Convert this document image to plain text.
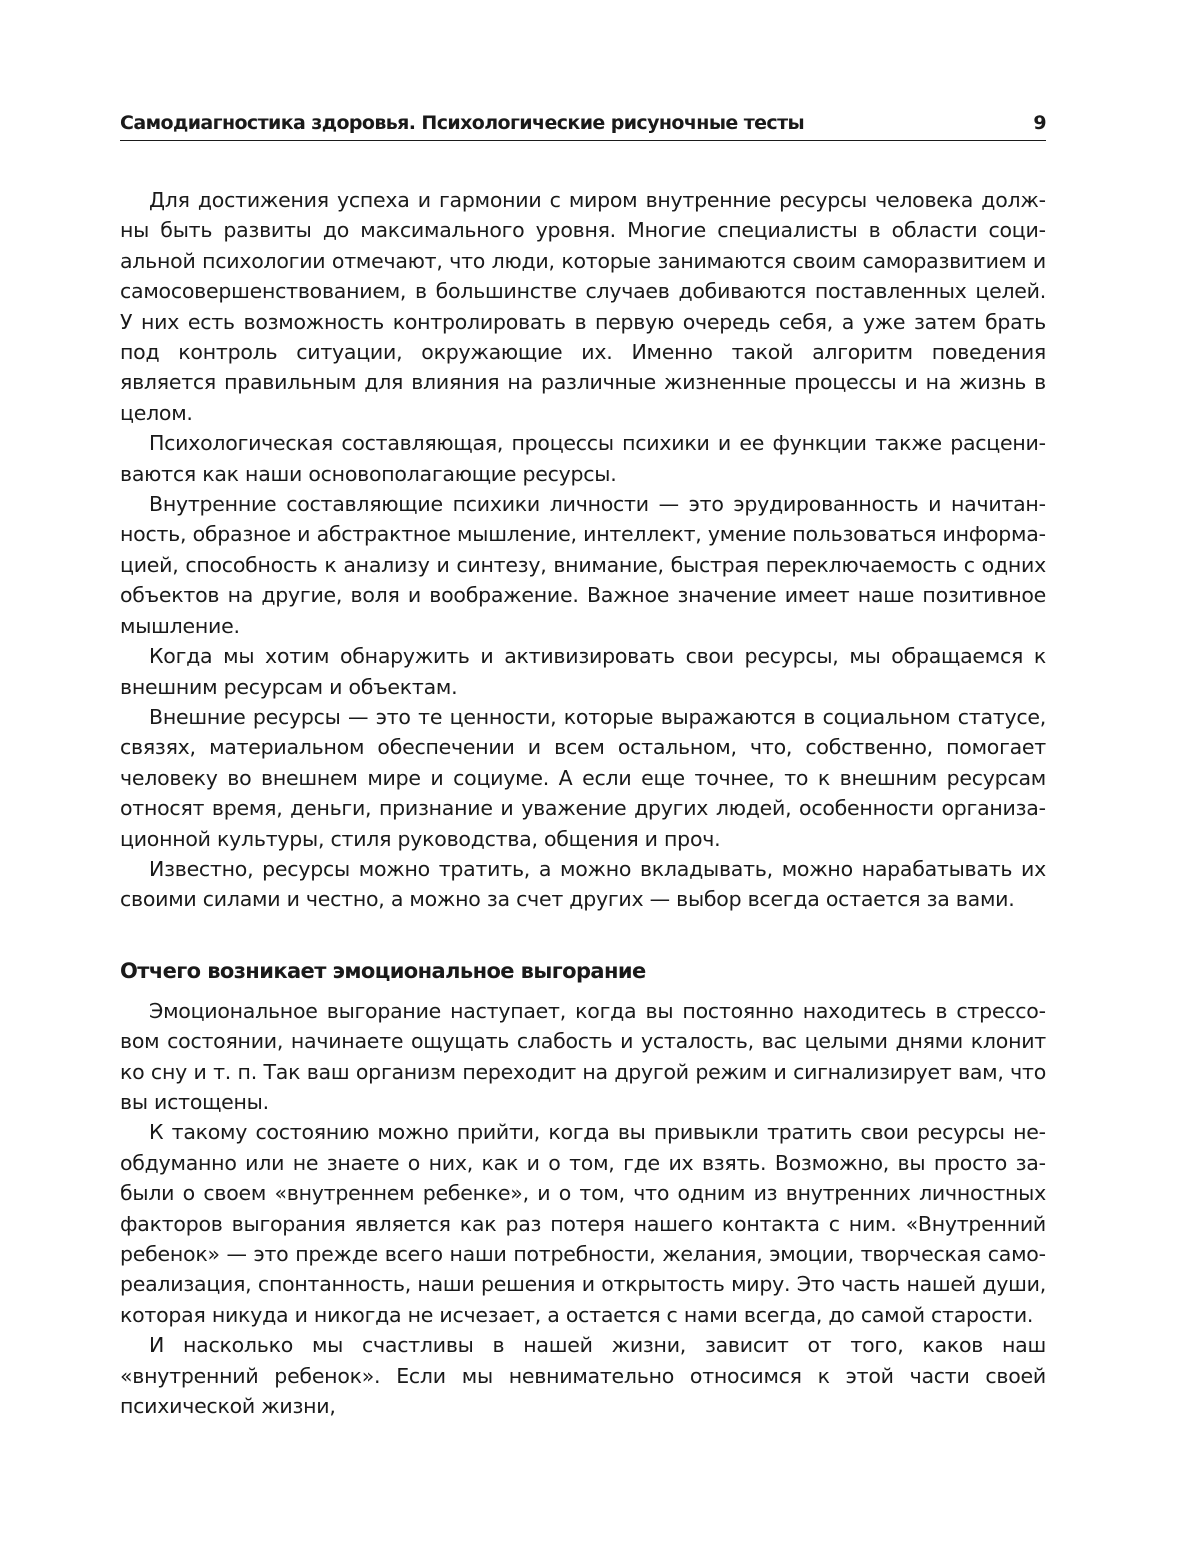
Самодиагностика здоровья. Психологические рисуночные тесты	9

Для достижения успеха и гармонии с миром внутренние ресурсы человека должны быть развиты до максимального уровня. Многие специалисты в области социальной психологии отмечают, что люди, которые занимаются своим саморазвитием и самосовершенствованием, в большинстве случаев добиваются поставленных целей. У них есть возможность контролировать в первую очередь себя, а уже затем брать под контроль ситуации, окружающие их. Именно такой алгоритм поведения является правильным для влияния на различные жизненные процессы и на жизнь в целом.

Психологическая составляющая, процессы психики и ее функции также расцениваются как наши основополагающие ресурсы.

Внутренние составляющие психики личности — это эрудированность и начитанность, образное и абстрактное мышление, интеллект, умение пользоваться информацией, способность к анализу и синтезу, внимание, быстрая переключаемость с одних объектов на другие, воля и воображение. Важное значение имеет наше позитивное мышление.

Когда мы хотим обнаружить и активизировать свои ресурсы, мы обращаемся к внешним ресурсам и объектам.

Внешние ресурсы — это те ценности, которые выражаются в социальном статусе, связях, материальном обеспечении и всем остальном, что, собственно, помогает человеку во внешнем мире и социуме. А если еще точнее, то к внешним ресурсам относят время, деньги, признание и уважение других людей, особенности организационной культуры, стиля руководства, общения и проч.

Известно, ресурсы можно тратить, а можно вкладывать, можно нарабатывать их своими силами и честно, а можно за счет других — выбор всегда остается за вами.

Отчего возникает эмоциональное выгорание

Эмоциональное выгорание наступает, когда вы постоянно находитесь в стрессовом состоянии, начинаете ощущать слабость и усталость, вас целыми днями клонит ко сну и т. п. Так ваш организм переходит на другой режим и сигнализирует вам, что вы истощены.

К такому состоянию можно прийти, когда вы привыкли тратить свои ресурсы необдуманно или не знаете о них, как и о том, где их взять. Возможно, вы просто забыли о своем «внутреннем ребенке», и о том, что одним из внутренних личностных факторов выгорания является как раз потеря нашего контакта с ним. «Внутренний ребенок» — это прежде всего наши потребности, желания, эмоции, творческая самореализация, спонтанность, наши решения и открытость миру. Это часть нашей души, которая никуда и никогда не исчезает, а остается с нами всегда, до самой старости.

И насколько мы счастливы в нашей жизни, зависит от того, каков наш «внутренний ребенок». Если мы невнимательно относимся к этой части своей психической жизни,
